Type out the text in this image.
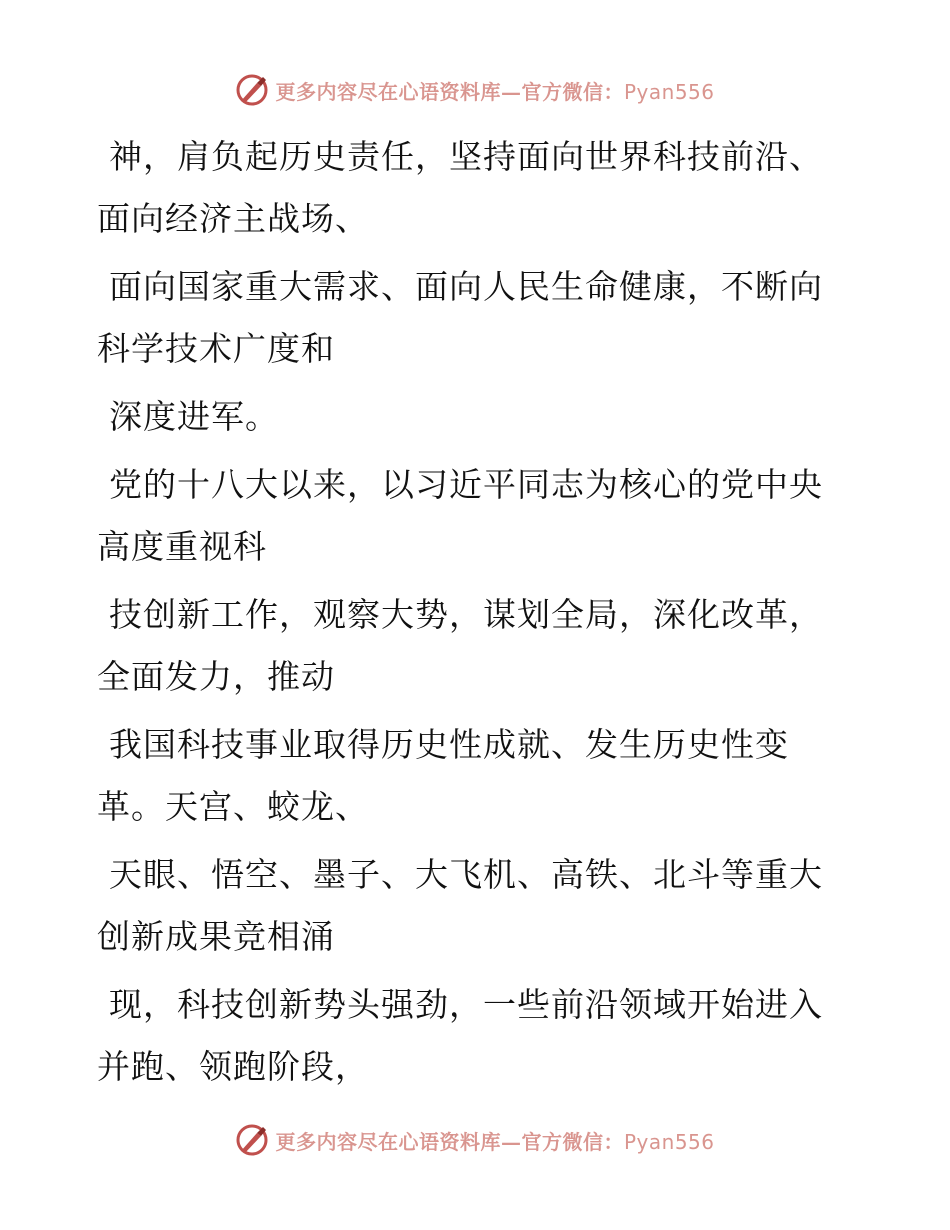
更多内容尽在心语资料库—官方微信：Pyan556

神，肩负起历史责任，坚持面向世界科技前沿、
面向经济主战场、

面向国家重大需求、面向人民生命健康，不断向
科学技术广度和

深度进军。

党的十八大以来，以习近平同志为核心的党中央
高度重视科

技创新工作，观察大势，谋划全局，深化改革，
全面发力，推动

我国科技事业取得历史性成就、发生历史性变
革。天宫、蛟龙、

天眼、悟空、墨子、大飞机、高铁、北斗等重大
创新成果竞相涌

现，科技创新势头强劲，一些前沿领域开始进入
并跑、领跑阶段，

更多内容尽在心语资料库—官方微信：Pyan556
